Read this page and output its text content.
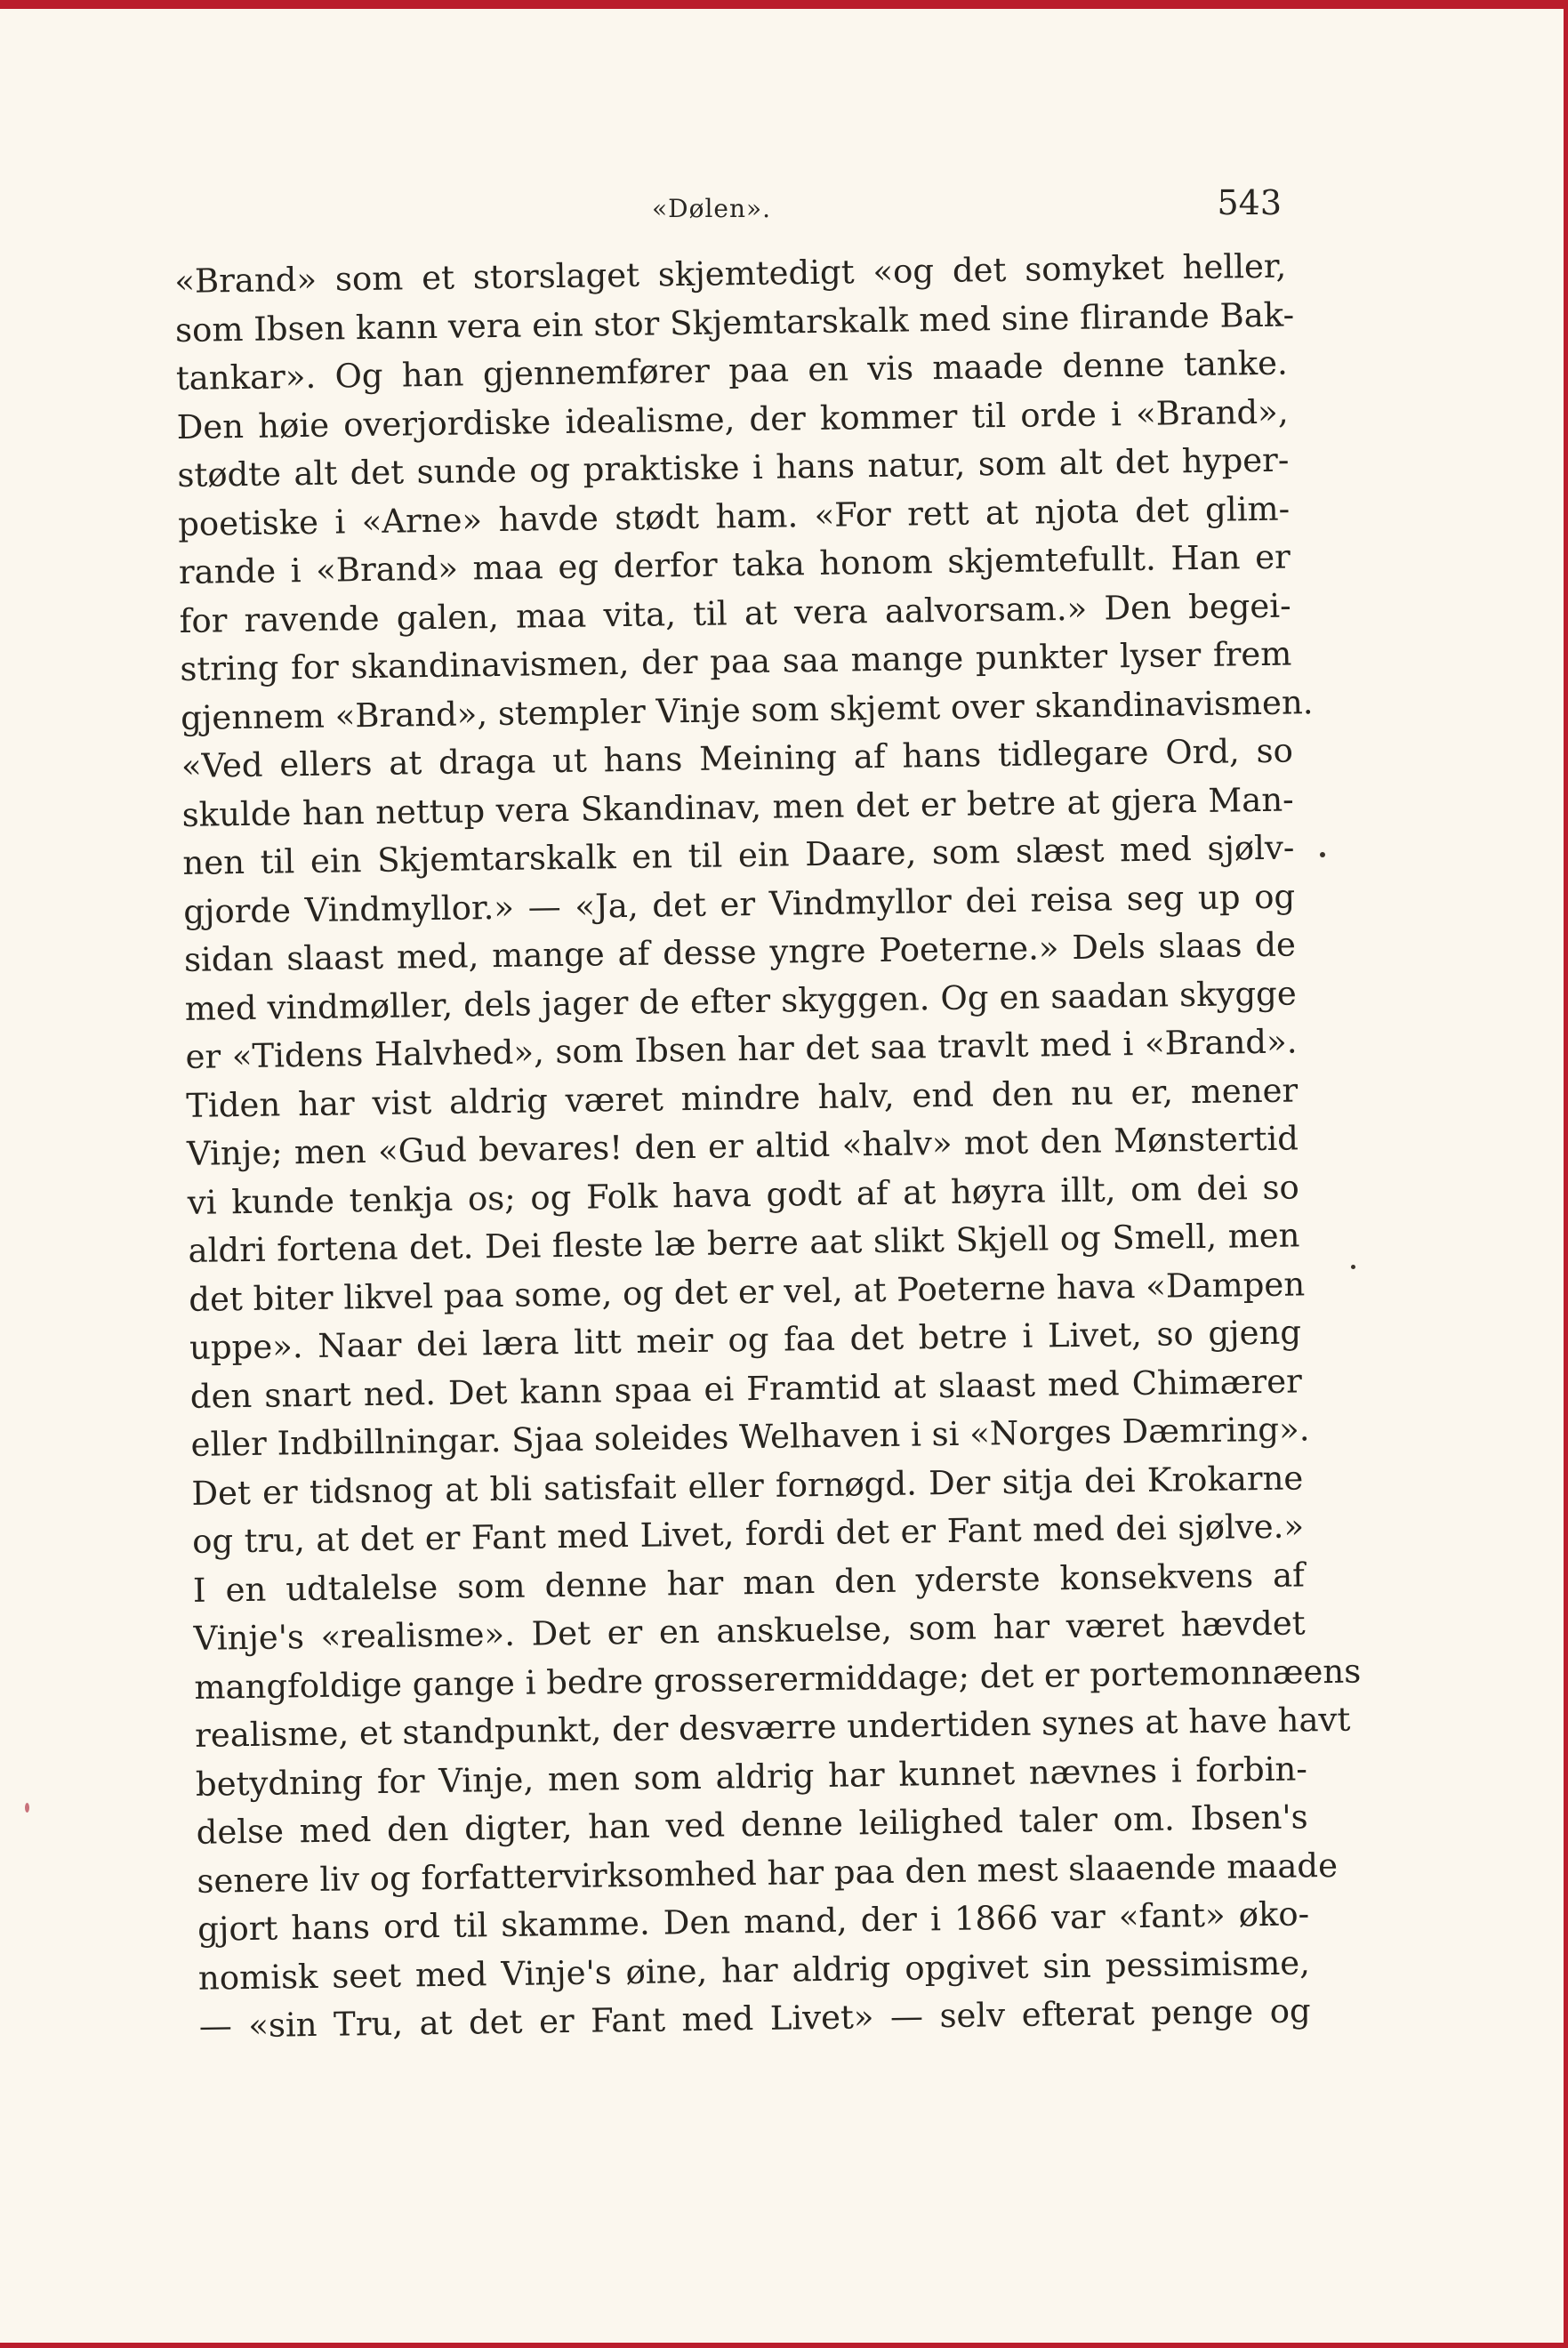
«Dølen».	543
«Brand» som et storslaget skjemtedigt «og det somyket heller,
som Ibsen kann vera ein stor Skjemtarskalk med sine flirande Bak-
tankar». Og han gjennemfører paa en vis maade denne tanke.
Den høie overjordiske idealisme, der kommer til orde i «Brand»,
stødte alt det sunde og praktiske i hans natur, som alt det hyper-
poetiske i «Arne» havde stødt ham. «For rett at njota det glim-
rande i «Brand» maa eg derfor taka honom skjemtefullt. Han er
for ravende galen, maa vita, til at vera aalvorsam.» Den begei-
string for skandinavismen, der paa saa mange punkter lyser frem
gjennem «Brand», stempler Vinje som skjemt over skandinavismen.
«Ved ellers at draga ut hans Meining af hans tidlegare Ord, so
skulde han nettup vera Skandinav, men det er betre at gjera Man-
nen til ein Skjemtarskalk en til ein Daare, som slæst med sjølv-
gjorde Vindmyllor.» — «Ja, det er Vindmyllor dei reisa seg up og
sidan slaast med, mange af desse yngre Poeterne.» Dels slaas de
med vindmøller, dels jager de efter skyggen. Og en saadan skygge
er «Tidens Halvhed», som Ibsen har det saa travlt med i «Brand».
Tiden har vist aldrig været mindre halv, end den nu er, mener
Vinje; men «Gud bevares! den er altid «halv» mot den Mønstertid
vi kunde tenkja os; og Folk hava godt af at høyra illt, om dei so
aldri fortena det. Dei fleste læ berre aat slikt Skjell og Smell, men
det biter likvel paa some, og det er vel, at Poeterne hava «Dampen
uppe». Naar dei læra litt meir og faa det betre i Livet, so gjeng
den snart ned. Det kann spaa ei Framtid at slaast med Chimærer
eller Indbillningar. Sjaa soleides Welhaven i si «Norges Dæmring».
Det er tidsnog at bli satisfait eller fornøgd. Der sitja dei Krokarne
og tru, at det er Fant med Livet, fordi det er Fant med dei sjølve.»
I en udtalelse som denne har man den yderste konsekvens af
Vinje's «realisme». Det er en anskuelse, som har været hævdet
mangfoldige gange i bedre grosserermiddage; det er portemonnæens
realisme, et standpunkt, der desværre undertiden synes at have havt
betydning for Vinje, men som aldrig har kunnet nævnes i forbin-
delse med den digter, han ved denne leilighed taler om. Ibsen's
senere liv og forfattervirksomhed har paa den mest slaaende maade
gjort hans ord til skamme. Den mand, der i 1866 var «fant» øko-
nomisk seet med Vinje's øine, har aldrig opgivet sin pessimisme,
— «sin Tru, at det er Fant med Livet» — selv efterat penge og
